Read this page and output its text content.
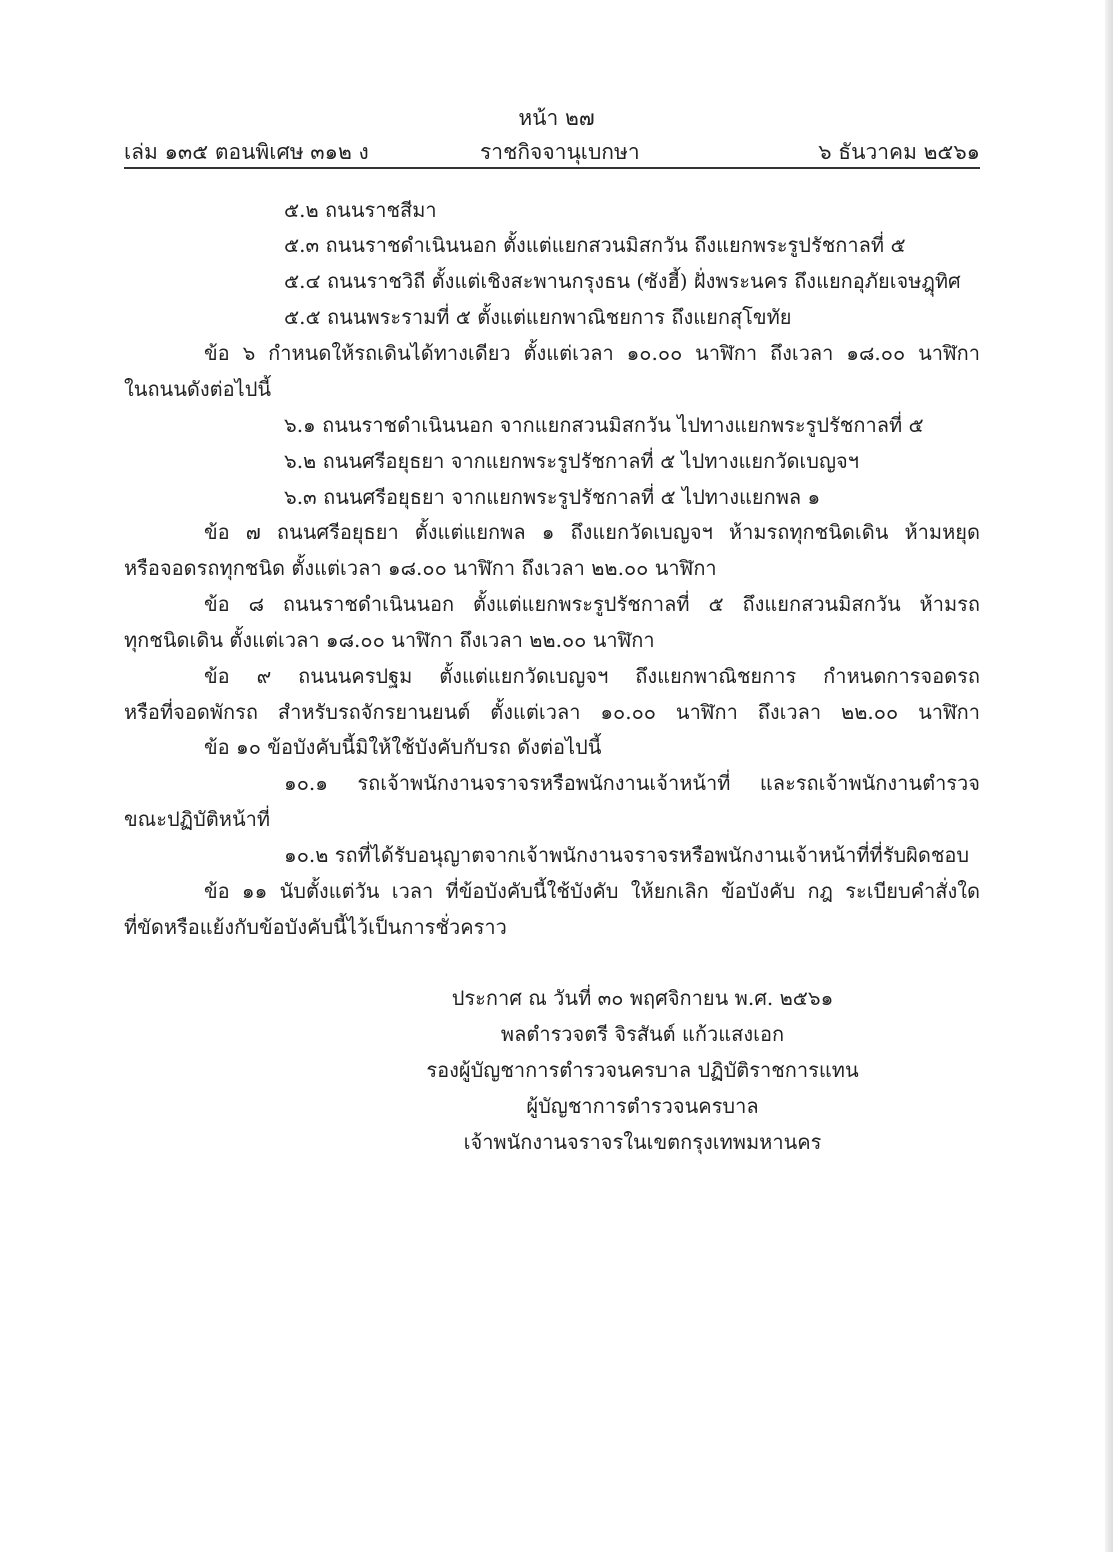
หน้า ๒๗
เล่ม ๑๓๕ ตอนพิเศษ ๓๑๒ ง	ราชกิจจานุเบกษา	๖ ธันวาคม ๒๕๖๑
๕.๒ ถนนราชสีมา
๕.๓ ถนนราชดำเนินนอก ตั้งแต่แยกสวนมิสกวัน ถึงแยกพระรูปรัชกาลที่ ๕
๕.๔ ถนนราชวิถี ตั้งแต่เชิงสะพานกรุงธน (ซังฮี้) ฝั่งพระนคร ถึงแยกอุภัยเจษฎุทิศ
๕.๕ ถนนพระรามที่ ๕ ตั้งแต่แยกพาณิชยการ ถึงแยกสุโขทัย
ข้อ ๖ กำหนดให้รถเดินได้ทางเดียว ตั้งแต่เวลา ๑๐.๐๐ นาฬิกา ถึงเวลา ๑๘.๐๐ นาฬิกา
ในถนนดังต่อไปนี้
๖.๑ ถนนราชดำเนินนอก จากแยกสวนมิสกวัน ไปทางแยกพระรูปรัชกาลที่ ๕
๖.๒ ถนนศรีอยุธยา จากแยกพระรูปรัชกาลที่ ๕ ไปทางแยกวัดเบญจฯ
๖.๓ ถนนศรีอยุธยา จากแยกพระรูปรัชกาลที่ ๕ ไปทางแยกพล ๑
ข้อ ๗ ถนนศรีอยุธยา ตั้งแต่แยกพล ๑ ถึงแยกวัดเบญจฯ ห้ามรถทุกชนิดเดิน ห้ามหยุด
หรือจอดรถทุกชนิด ตั้งแต่เวลา ๑๘.๐๐ นาฬิกา ถึงเวลา ๒๒.๐๐ นาฬิกา
ข้อ ๘ ถนนราชดำเนินนอก ตั้งแต่แยกพระรูปรัชกาลที่ ๕ ถึงแยกสวนมิสกวัน ห้ามรถ
ทุกชนิดเดิน ตั้งแต่เวลา ๑๘.๐๐ นาฬิกา ถึงเวลา ๒๒.๐๐ นาฬิกา
ข้อ ๙ ถนนนครปฐม ตั้งแต่แยกวัดเบญจฯ ถึงแยกพาณิชยการ กำหนดการจอดรถ
หรือที่จอดพักรถ สำหรับรถจักรยานยนต์ ตั้งแต่เวลา ๑๐.๐๐ นาฬิกา ถึงเวลา ๒๒.๐๐ นาฬิกา
ข้อ ๑๐ ข้อบังคับนี้มิให้ใช้บังคับกับรถ ดังต่อไปนี้
๑๐.๑ รถเจ้าพนักงานจราจรหรือพนักงานเจ้าหน้าที่ และรถเจ้าพนักงานตำรวจ
ขณะปฏิบัติหน้าที่
๑๐.๒ รถที่ได้รับอนุญาตจากเจ้าพนักงานจราจรหรือพนักงานเจ้าหน้าที่ที่รับผิดชอบ
ข้อ ๑๑ นับตั้งแต่วัน เวลา ที่ข้อบังคับนี้ใช้บังคับ ให้ยกเลิก ข้อบังคับ กฎ ระเบียบคำสั่งใด
ที่ขัดหรือแย้งกับข้อบังคับนี้ไว้เป็นการชั่วคราว
ประกาศ ณ วันที่ ๓๐ พฤศจิกายน พ.ศ. ๒๕๖๑
พลตำรวจตรี จิรสันต์ แก้วแสงเอก
รองผู้บัญชาการตำรวจนครบาล ปฏิบัติราชการแทน
ผู้บัญชาการตำรวจนครบาล
เจ้าพนักงานจราจรในเขตกรุงเทพมหานคร
